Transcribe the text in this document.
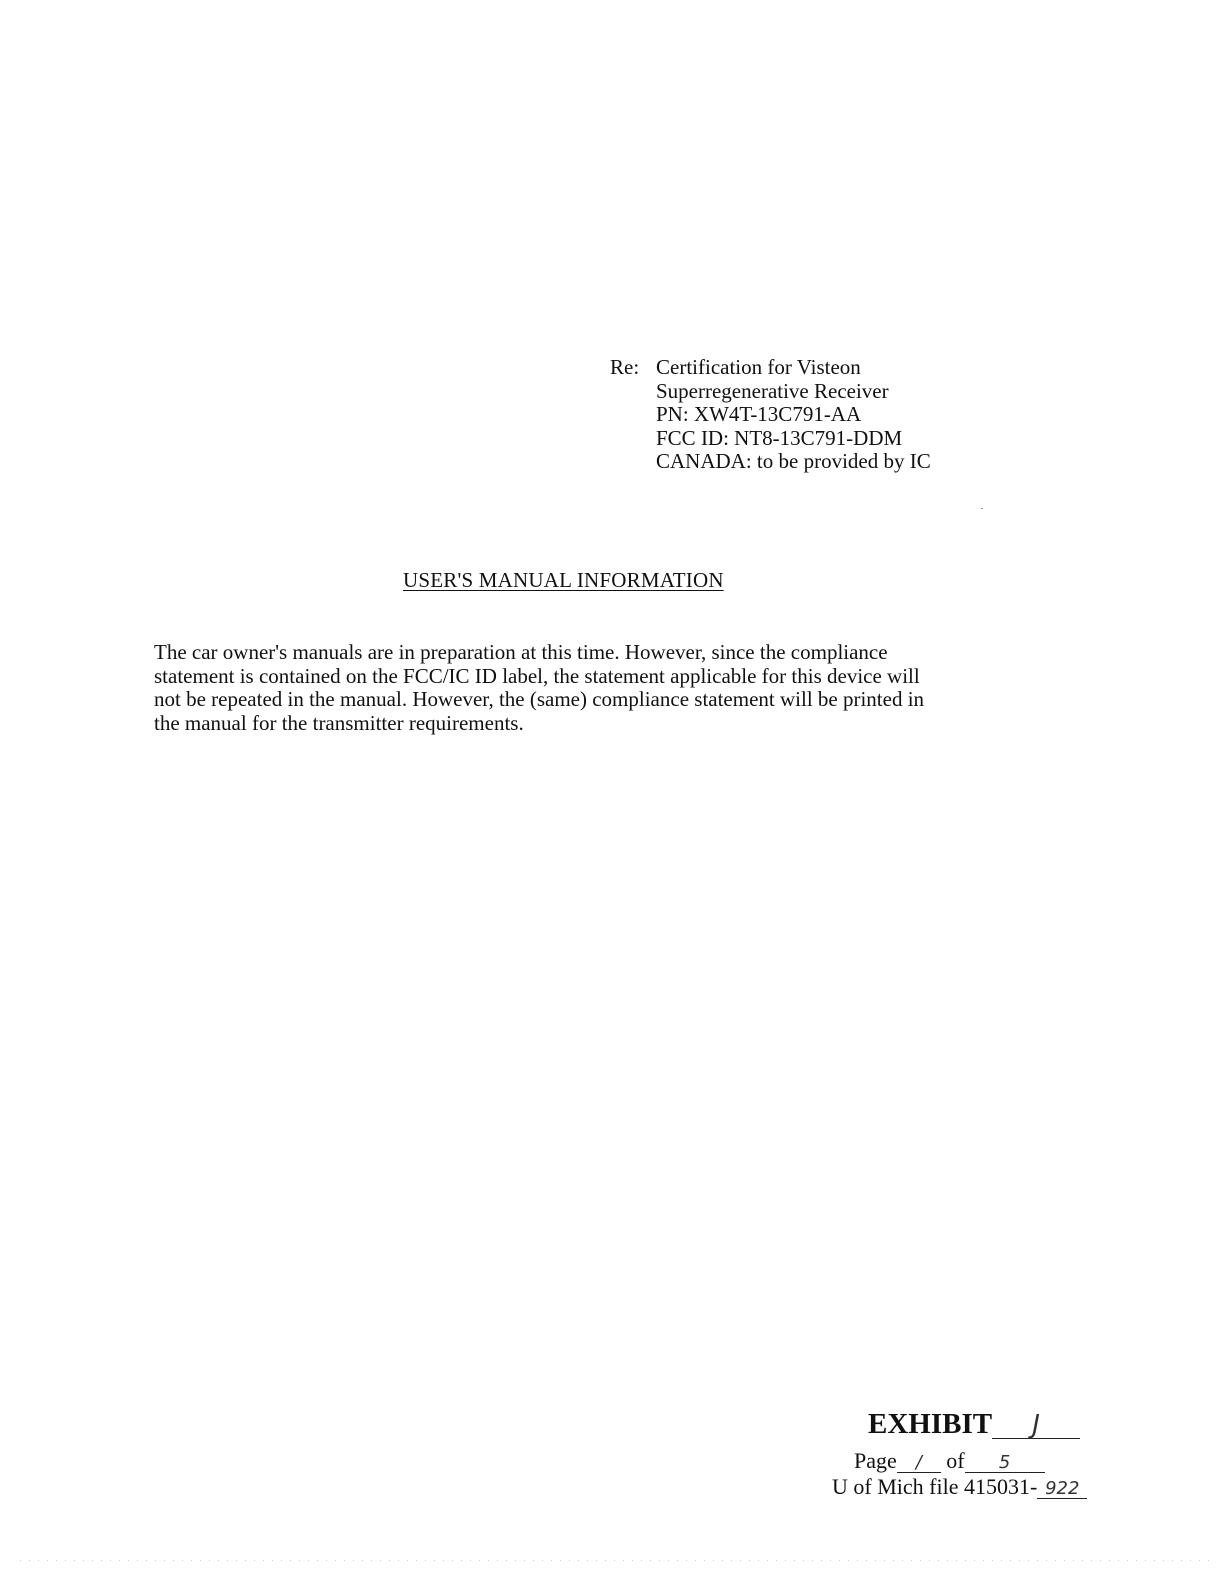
Re: Certification for Visteon
Superregenerative Receiver
PN: XW4T-13C791-AA
FCC ID: NT8-13C791-DDM
CANADA: to be provided by IC
USER'S MANUAL INFORMATION
The car owner's manuals are in preparation at this time. However, since the compliance
statement is contained on the FCC/IC ID label, the statement applicable for this device will
not be repeated in the manual. However, the (same) compliance statement will be printed in
the manual for the transmitter requirements.
EXHIBIT J
Page / of 5
U of Mich file 415031- 922
